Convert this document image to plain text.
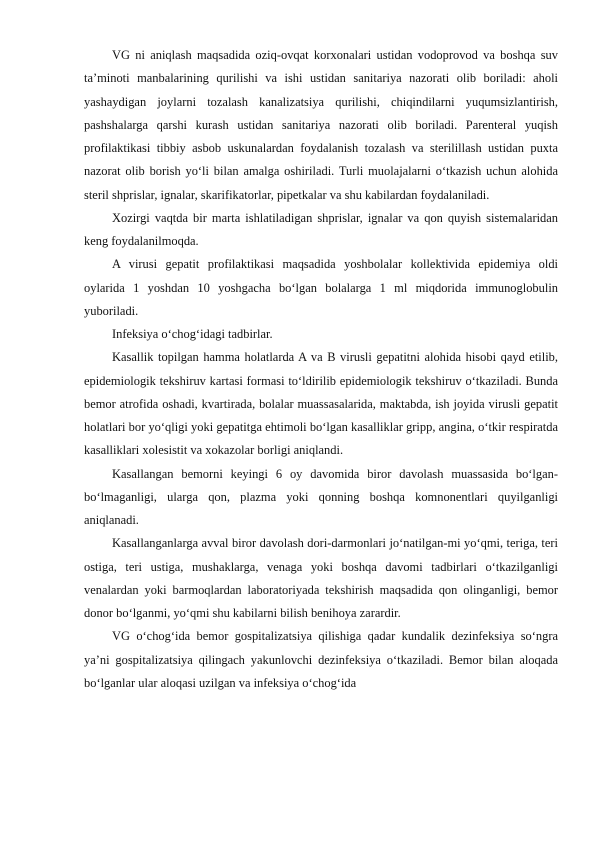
VG ni aniqlash maqsadida oziq-ovqat korxonalari ustidan vodoprovod va boshqa suv ta’minoti manbalarining qurilishi va ishi ustidan sanitariya nazorati olib boriladi: aholi yashaydigan joylarni tozalash kanalizatsiya qurilishi, chiqindilarni yuqumsizlantirish, pashshalarga qarshi kurash ustidan sanitariya nazorati olib boriladi. Parenteral yuqish profilaktikasi tibbiy asbob uskunalardan foydalanish tozalash va sterilillash ustidan puxta nazorat olib borish yo‘li bilan amalga oshiriladi. Turli muolajalarni o‘tkazish uchun alohida steril shprislar, ignalar, skarifikatorlar, pipetkalar va shu kabilardan foydalaniladi.

Xozirgi vaqtda bir marta ishlatiladigan shprislar, ignalar va qon quyish sistemalaridan keng foydalanilmoqda.

A virusi gepatit profilaktikasi maqsadida yoshbolalar kollektivida epidemiya oldi oylarida 1 yoshdan 10 yoshgacha bo‘lgan bolalarga 1 ml miqdorida immunoglobulin yuboriladi.

Infeksiya o‘chog‘idagi tadbirlar.

Kasallik topilgan hamma holatlarda A va B virusli gepatitni alohida hisobi qayd etilib, epidemiologik tekshiruv kartasi formasi to‘ldirilib epidemiologik tekshiruv o‘tkaziladi. Bunda bemor atrofida oshadi, kvartirada, bolalar muassasalarida, maktabda, ish joyida virusli gepatit holatlari bor yo‘qligi yoki gepatitga ehtimoli bo‘lgan kasalliklar gripp, angina, o‘tkir respiratda kasalliklari xolesistit va xokazolar borligi aniqlandi.

Kasallangan bemorni keyingi 6 oy davomida biror davolash muassasida bo‘lgan-bo‘lmaganligi, ularga qon, plazma yoki qonning boshqa komnonentlari quyilganligi aniqlanadi.

Kasallanganlarga avval biror davolash dori-darmonlari jo‘natilgan-mi yo‘qmi, teriga, teri ostiga, teri ustiga, mushaklarga, venaga yoki boshqa davomi tadbirlari o‘tkazilganligi venalardan yoki barmoqlardan laboratoriyada tekshirish maqsadida qon olinganligi, bemor donor bo‘lganmi, yo‘qmi shu kabilarni bilish benihoya zarardir.

VG o‘chog‘ida bemor gospitalizatsiya qilishiga qadar kundalik dezinfeksiya so‘ngra ya’ni gospitalizatsiya qilingach yakunlovchi dezinfeksiya o‘tkaziladi. Bemor bilan aloqada bo‘lganlar ular aloqasi uzilgan va infeksiya o‘chog‘ida
